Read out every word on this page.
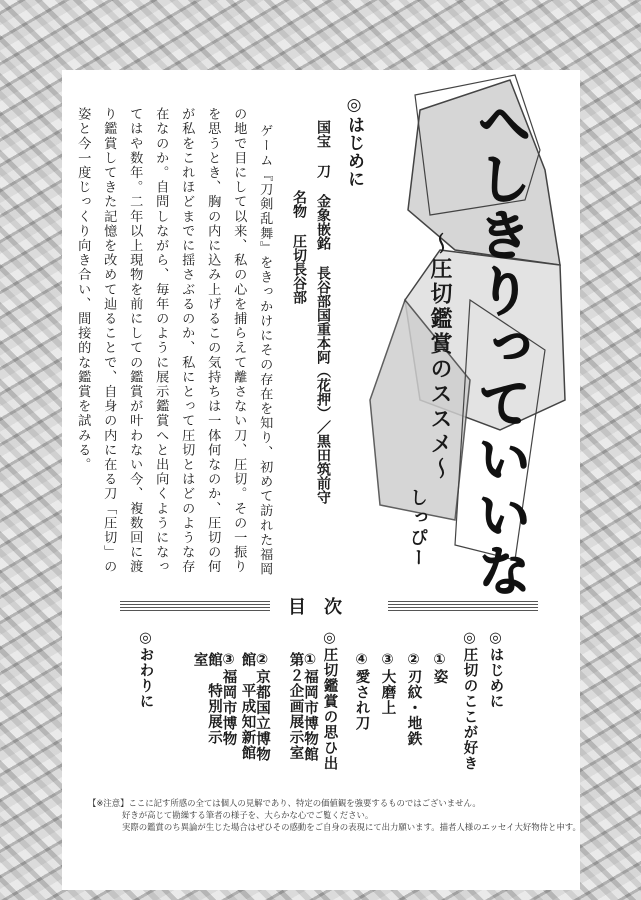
へしきりっていいな
〜圧切鑑賞のススメ〜
しっぴー
◎はじめに
国宝 刀 金象嵌銘 長谷部国重本阿（花押）／黒田筑前守
名物 圧切長谷部
ゲーム『刀剣乱舞』をきっかけにその存在を知り、初めて訪れた福岡
の地で目にして以来、私の心を捕らえて離さない刀、圧切。その一振り
を思うとき、胸の内に込み上げるこの気持ちは一体何なのか、圧切の何
が私をこれほどまでに揺さぶるのか、私にとって圧切とはどのような存
在なのか。自問しながら、毎年のように展示鑑賞へと出向くようになっ
てはや数年。二年以上現物を前にしての鑑賞が叶わない今、複数回に渡
り鑑賞してきた記憶を改めて辿ることで、自身の内に在る刀「圧切」の
姿と今一度じっくり向き合い、間接的な鑑賞を試みる。
目次
◎はじめに
◎圧切のここが好き
①姿
②刃紋・地鉄
③大磨上
④愛され刀
◎圧切鑑賞の思ひ出
①福岡市博物館　第２企画展示室
②京都国立博物館　平成知新館
③福岡市博物館　特別展示室
◎おわりに
【※注意】ここに記す所感の全ては個人の見解であり、特定の価値観を強要するものではございません。
好きが高じて勘繰する筆者の様子を、大らかな心でご覧ください。
実際の鑑賞のち異論が生じた場合はぜひその感動をご自身の表現にて出力願います。描者人様のエッセイ大好物侍と申す。
